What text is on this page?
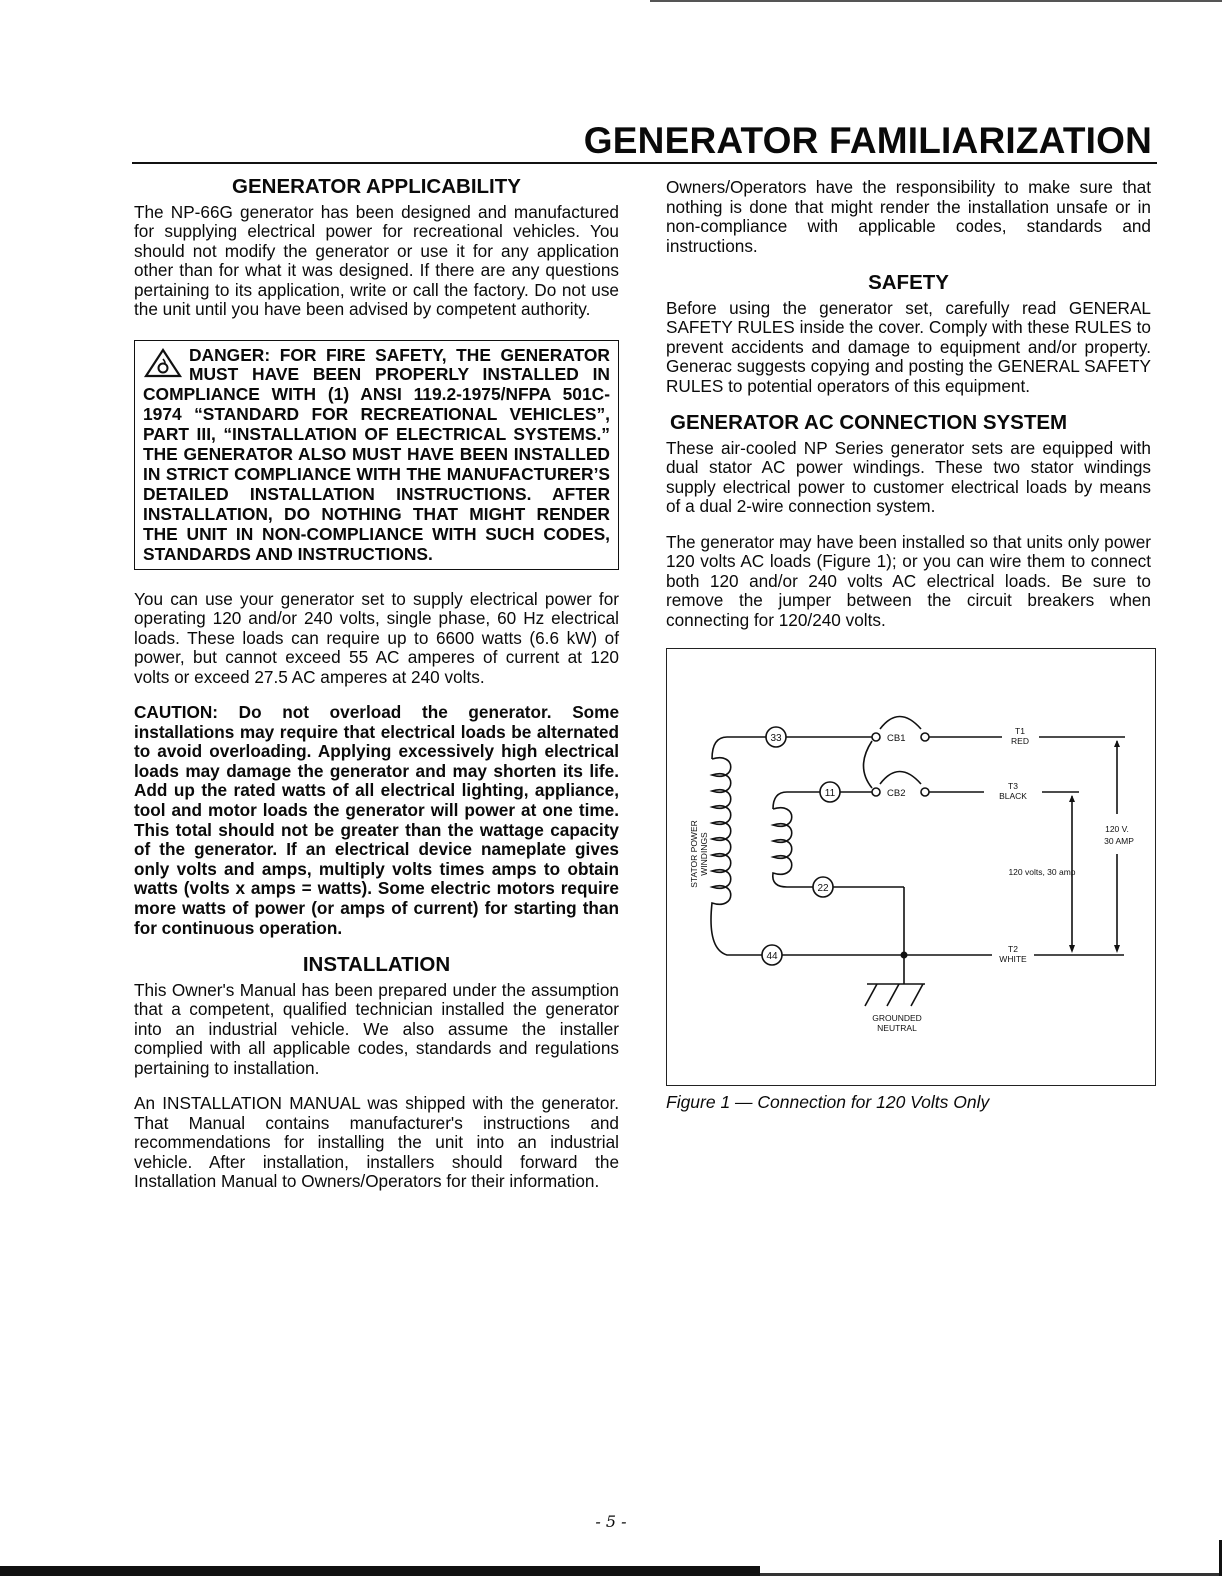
GENERATOR FAMILIARIZATION
GENERATOR APPLICABILITY

The NP-66G generator has been designed and manufactured for supplying electrical power for recreational vehicles. You should not modify the generator or use it for any application other than for what it was designed. If there are any questions pertaining to its application, write or call the factory. Do not use the unit until you have been advised by competent authority.

DANGER: FOR FIRE SAFETY, THE GENERATOR MUST HAVE BEEN PROPERLY INSTALLED IN COMPLIANCE WITH (1) ANSI 119.2-1975/NFPA 501C-1974 “STANDARD FOR RECREATIONAL VEHICLES”, PART III, “INSTALLATION OF ELECTRICAL SYSTEMS.” THE GENERATOR ALSO MUST HAVE BEEN INSTALLED IN STRICT COMPLIANCE WITH THE MANUFACTURER’S DETAILED INSTALLATION INSTRUCTIONS. AFTER INSTALLATION, DO NOTHING THAT MIGHT RENDER THE UNIT IN NON-COMPLIANCE WITH SUCH CODES, STANDARDS AND INSTRUCTIONS.

You can use your generator set to supply electrical power for operating 120 and/or 240 volts, single phase, 60 Hz electrical loads. These loads can require up to 6600 watts (6.6 kW) of power, but cannot exceed 55 AC amperes of current at 120 volts or exceed 27.5 AC amperes at 240 volts.

CAUTION: Do not overload the generator. Some installations may require that electrical loads be alternated to avoid overloading. Applying excessively high electrical loads may damage the generator and may shorten its life. Add up the rated watts of all electrical lighting, appliance, tool and motor loads the generator will power at one time. This total should not be greater than the wattage capacity of the generator. If an electrical device nameplate gives only volts and amps, multiply volts times amps to obtain watts (volts x amps = watts). Some electric motors require more watts of power (or amps of current) for starting than for continuous operation.

INSTALLATION

This Owner's Manual has been prepared under the assumption that a competent, qualified technician installed the generator into an industrial vehicle. We also assume the installer complied with all applicable codes, standards and regulations pertaining to installation.

An INSTALLATION MANUAL was shipped with the generator. That Manual contains manufacturer's instructions and recommendations for installing the unit into an industrial vehicle. After installation, installers should forward the Installation Manual to Owners/Operators for their information.

Owners/Operators have the responsibility to make sure that nothing is done that might render the installation unsafe or in non-compliance with applicable codes, standards and instructions.

SAFETY

Before using the generator set, carefully read GENERAL SAFETY RULES inside the cover. Comply with these RULES to prevent accidents and damage to equipment and/or property. Generac suggests copying and posting the GENERAL SAFETY RULES to potential operators of this equipment.

GENERATOR AC CONNECTION SYSTEM

These air-cooled NP Series generator sets are equipped with dual stator AC power windings. These two stator windings supply electrical power to customer electrical loads by means of a dual 2-wire connection system.

The generator may have been installed so that units only power 120 volts AC loads (Figure 1); or you can wire them to connect both 120 and/or 240 volts AC electrical loads. Be sure to remove the jumper between the circuit breakers when connecting for 120/240 volts.

33
11
22
44
CB1
CB2
T1
RED
T3
BLACK
T2
WHITE
120 V.
30 AMP
120 volts, 30 amp
GROUNDED
NEUTRAL
STATOR POWER WINDINGS
Figure 1 — Connection for 120 Volts Only
- 5 -
